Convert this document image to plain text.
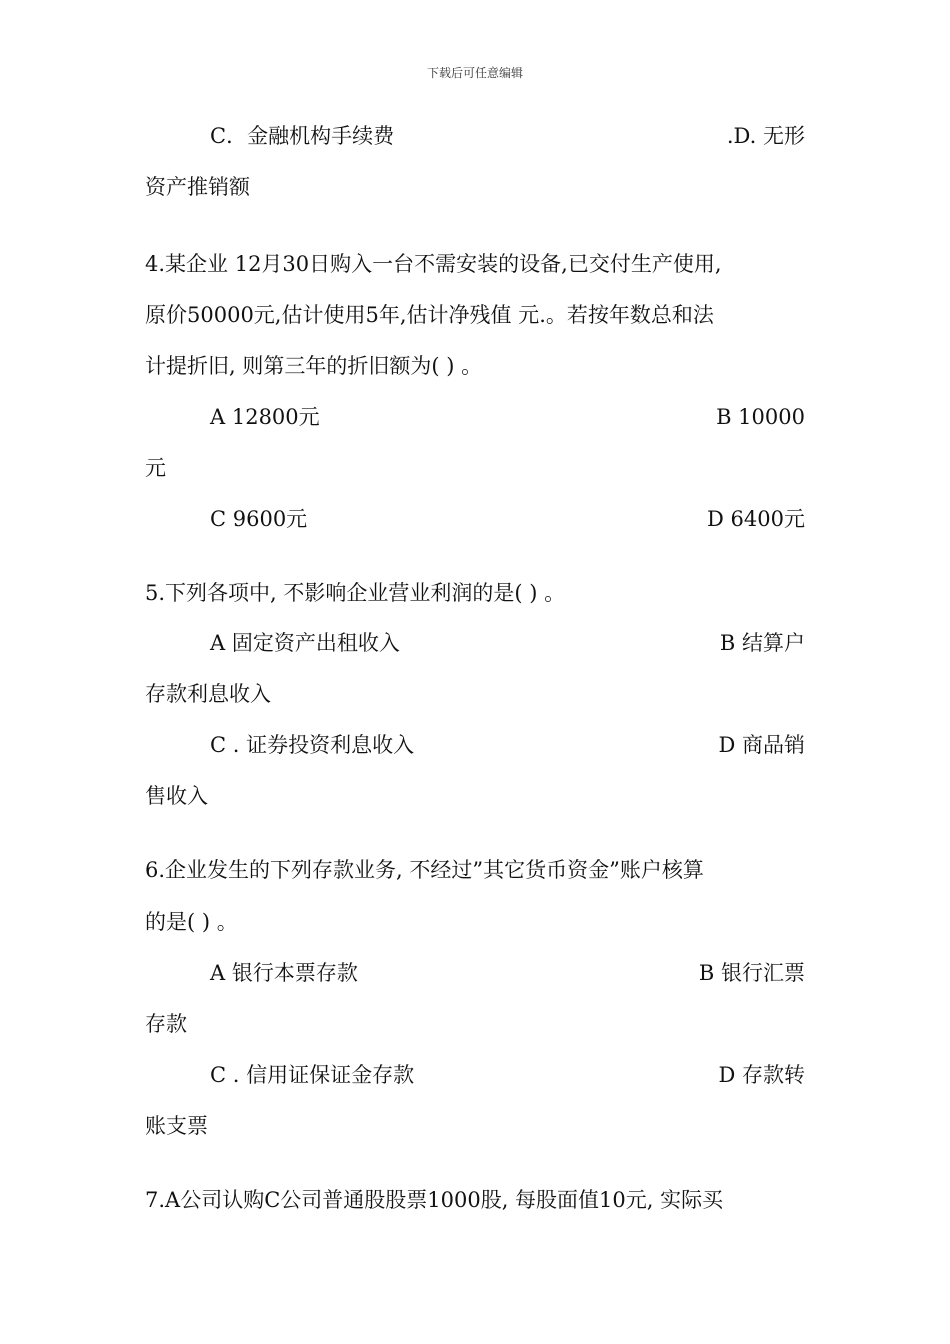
下载后可任意编辑
C．金融机构手续费	.D. 无形
资产推销额
4.某企业 12月30日购入一台不需安装的设备,已交付生产使用,
原价50000元,估计使用5年,估计净残值 元.。若按年数总和法
计提折旧, 则第三年的折旧额为( ) 。
A 12800元	B 10000
元
C 9600元	D 6400元
5.下列各项中, 不影响企业营业利润的是( ) 。
A 固定资产出租收入	B 结算户
存款利息收入
C . 证券投资利息收入	D 商品销
售收入
6.企业发生的下列存款业务, 不经过”其它货币资金”账户核算
的是( ) 。
A 银行本票存款	B 银行汇票
存款
C . 信用证保证金存款	D 存款转
账支票
7.A公司认购C公司普通股股票1000股, 每股面值10元, 实际买
